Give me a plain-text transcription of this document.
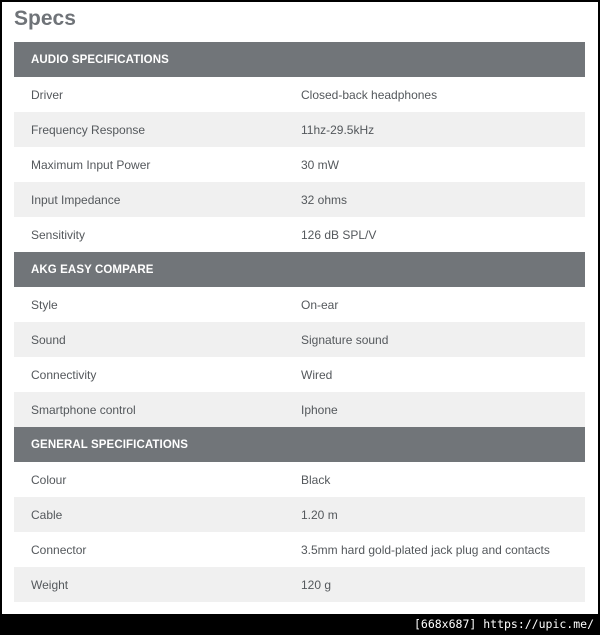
Specs
AUDIO SPECIFICATIONS
Driver	Closed-back headphones
Frequency Response	11hz-29.5kHz
Maximum Input Power	30 mW
Input Impedance	32 ohms
Sensitivity	126 dB SPL/V
AKG EASY COMPARE
Style	On-ear
Sound	Signature sound
Connectivity	Wired
Smartphone control	Iphone
GENERAL SPECIFICATIONS
Colour	Black
Cable	1.20 m
Connector	3.5mm hard gold-plated jack plug and contacts
Weight	120 g
[668x687] https://upic.me/
